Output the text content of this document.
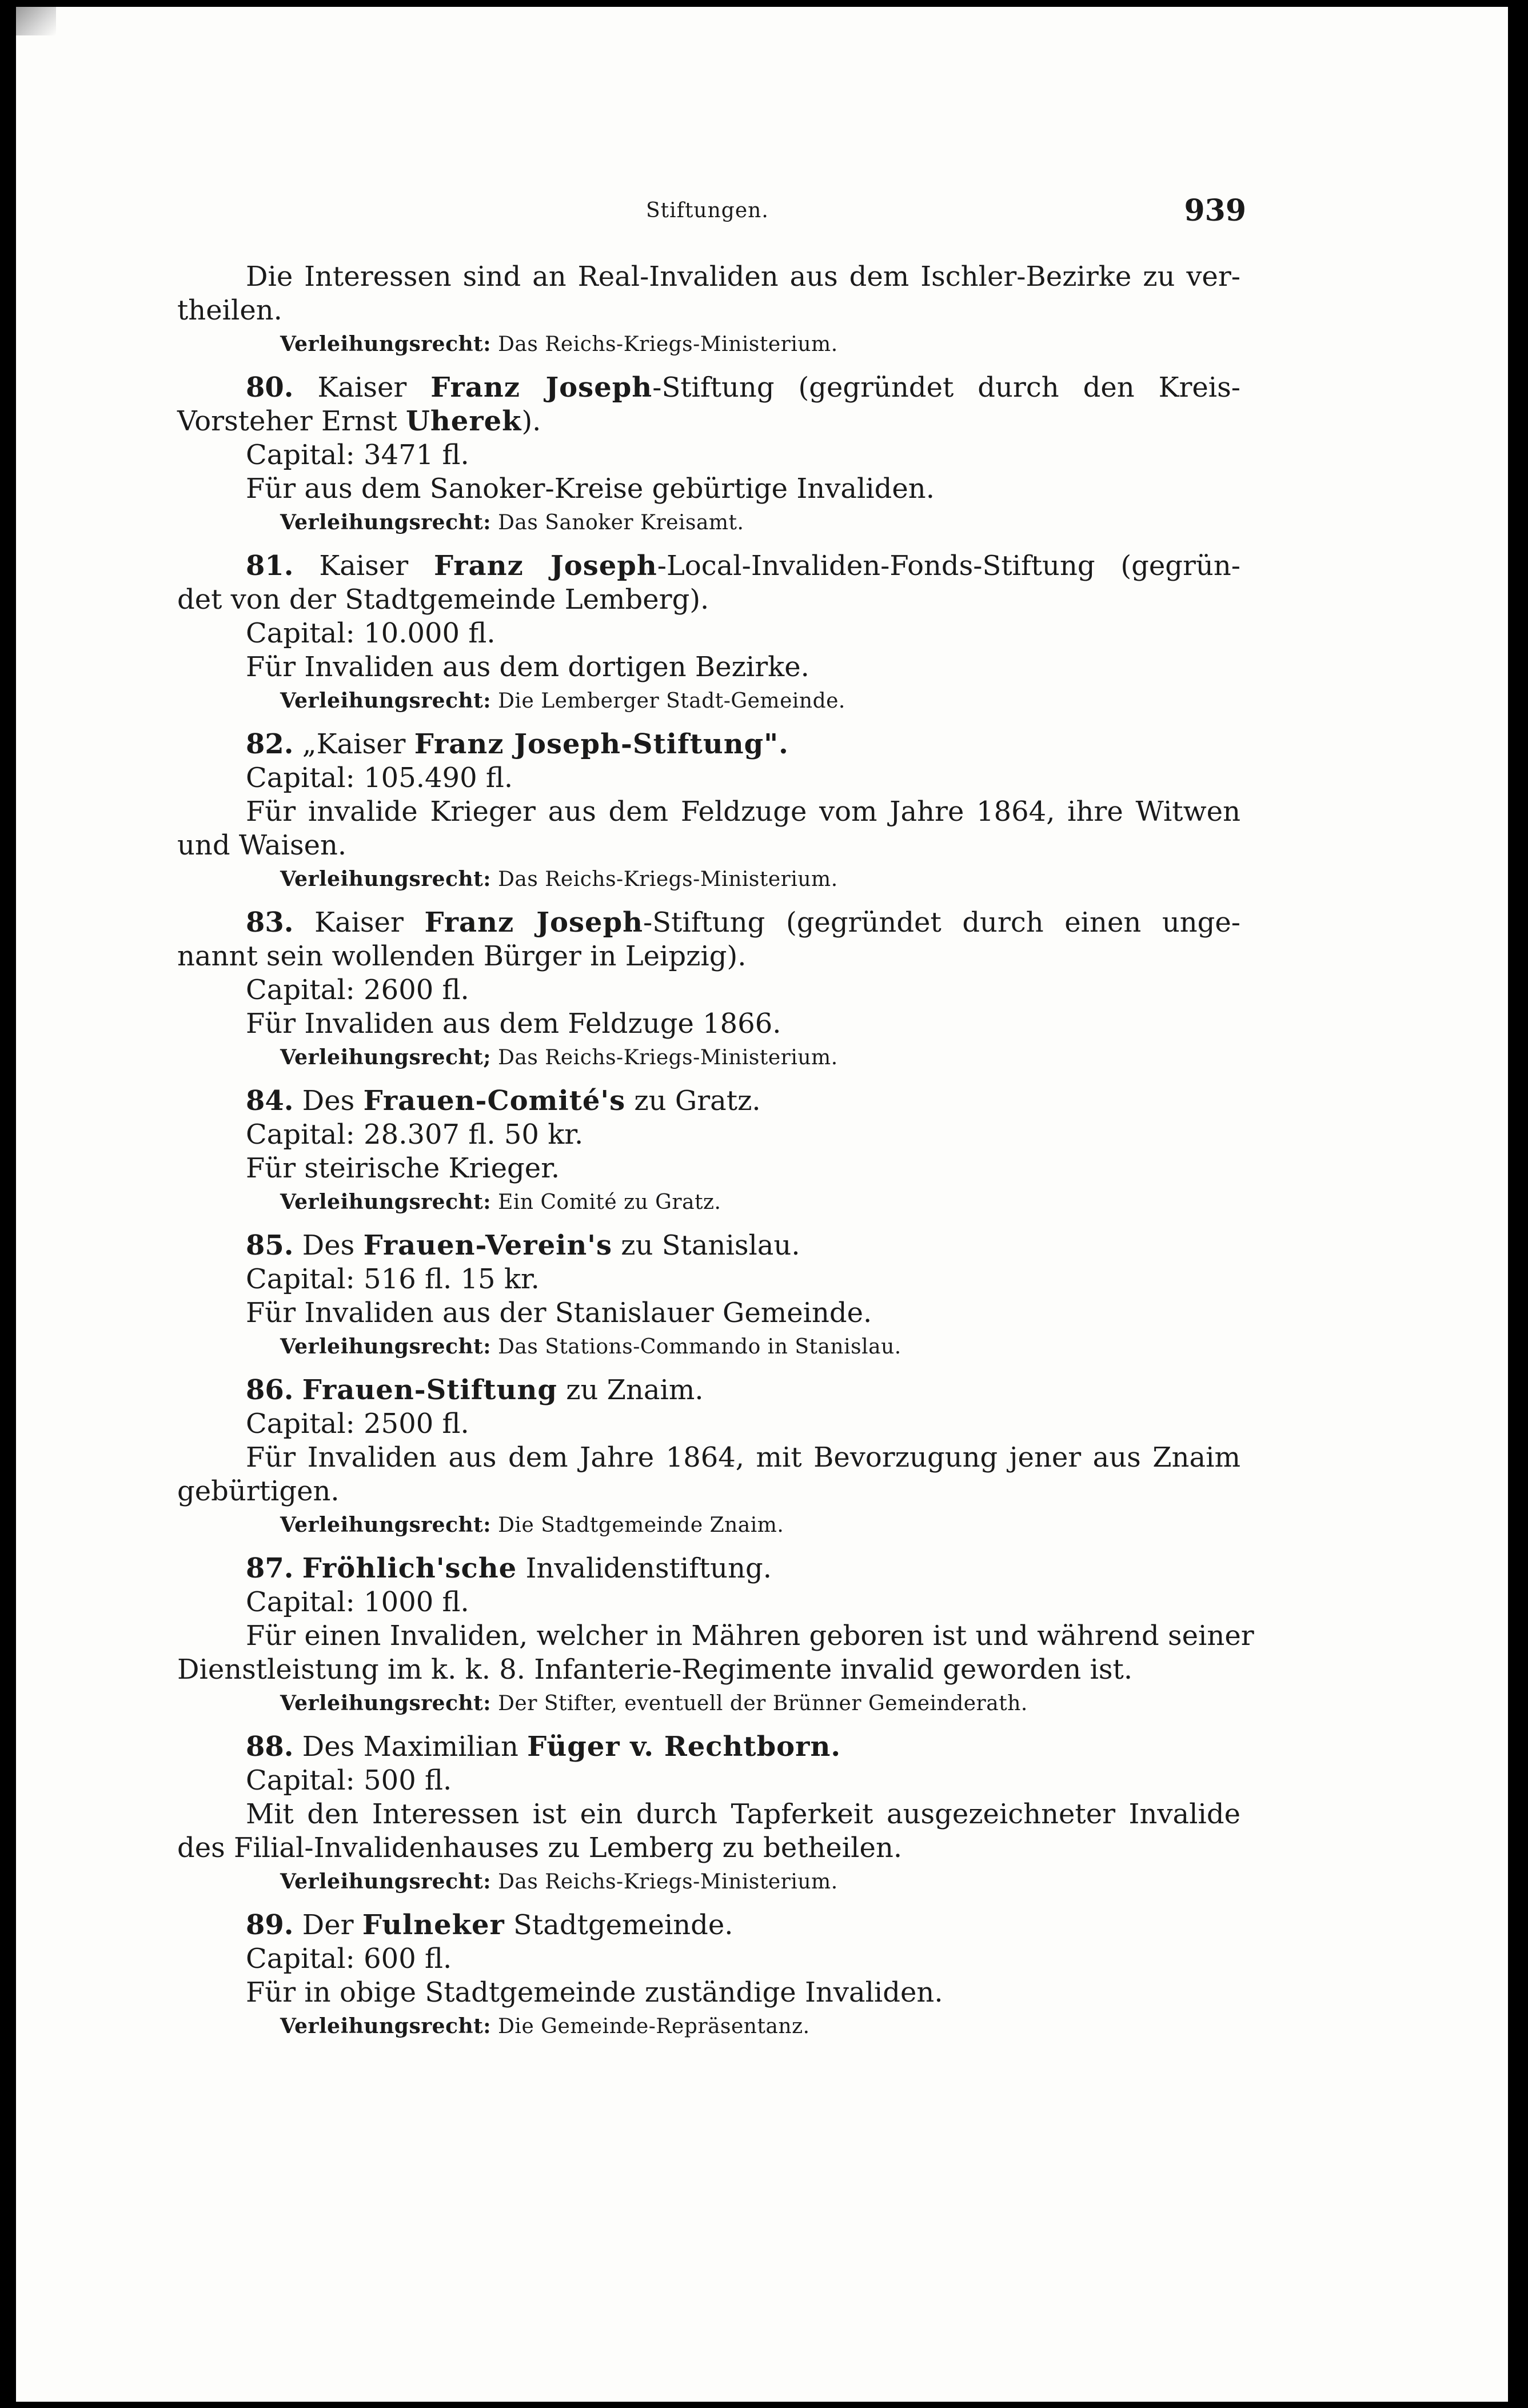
Stiftungen.	939
Die Interessen sind an Real-Invaliden aus dem Ischler-Bezirke zu ver-
theilen.
Verleihungsrecht: Das Reichs-Kriegs-Ministerium.
80. Kaiser Franz Joseph-Stiftung (gegründet durch den Kreis-
Vorsteher Ernst Uherek).
Capital: 3471 fl.
Für aus dem Sanoker-Kreise gebürtige Invaliden.
Verleihungsrecht: Das Sanoker Kreisamt.
81. Kaiser Franz Joseph-Local-Invaliden-Fonds-Stiftung (gegrün-
det von der Stadtgemeinde Lemberg).
Capital: 10.000 fl.
Für Invaliden aus dem dortigen Bezirke.
Verleihungsrecht: Die Lemberger Stadt-Gemeinde.
82. „Kaiser Franz Joseph-Stiftung".
Capital: 105.490 fl.
Für invalide Krieger aus dem Feldzuge vom Jahre 1864, ihre Witwen
und Waisen.
Verleihungsrecht: Das Reichs-Kriegs-Ministerium.
83. Kaiser Franz Joseph-Stiftung (gegründet durch einen unge-
nannt sein wollenden Bürger in Leipzig).
Capital: 2600 fl.
Für Invaliden aus dem Feldzuge 1866.
Verleihungsrecht; Das Reichs-Kriegs-Ministerium.
84. Des Frauen-Comité's zu Gratz.
Capital: 28.307 fl. 50 kr.
Für steirische Krieger.
Verleihungsrecht: Ein Comité zu Gratz.
85. Des Frauen-Verein's zu Stanislau.
Capital: 516 fl. 15 kr.
Für Invaliden aus der Stanislauer Gemeinde.
Verleihungsrecht: Das Stations-Commando in Stanislau.
86. Frauen-Stiftung zu Znaim.
Capital: 2500 fl.
Für Invaliden aus dem Jahre 1864, mit Bevorzugung jener aus Znaim
gebürtigen.
Verleihungsrecht: Die Stadtgemeinde Znaim.
87. Fröhlich'sche Invalidenstiftung.
Capital: 1000 fl.
Für einen Invaliden, welcher in Mähren geboren ist und während seiner
Dienstleistung im k. k. 8. Infanterie-Regimente invalid geworden ist.
Verleihungsrecht: Der Stifter, eventuell der Brünner Gemeinderath.
88. Des Maximilian Füger v. Rechtborn.
Capital: 500 fl.
Mit den Interessen ist ein durch Tapferkeit ausgezeichneter Invalide
des Filial-Invalidenhauses zu Lemberg zu betheilen.
Verleihungsrecht: Das Reichs-Kriegs-Ministerium.
89. Der Fulneker Stadtgemeinde.
Capital: 600 fl.
Für in obige Stadtgemeinde zuständige Invaliden.
Verleihungsrecht: Die Gemeinde-Repräsentanz.
